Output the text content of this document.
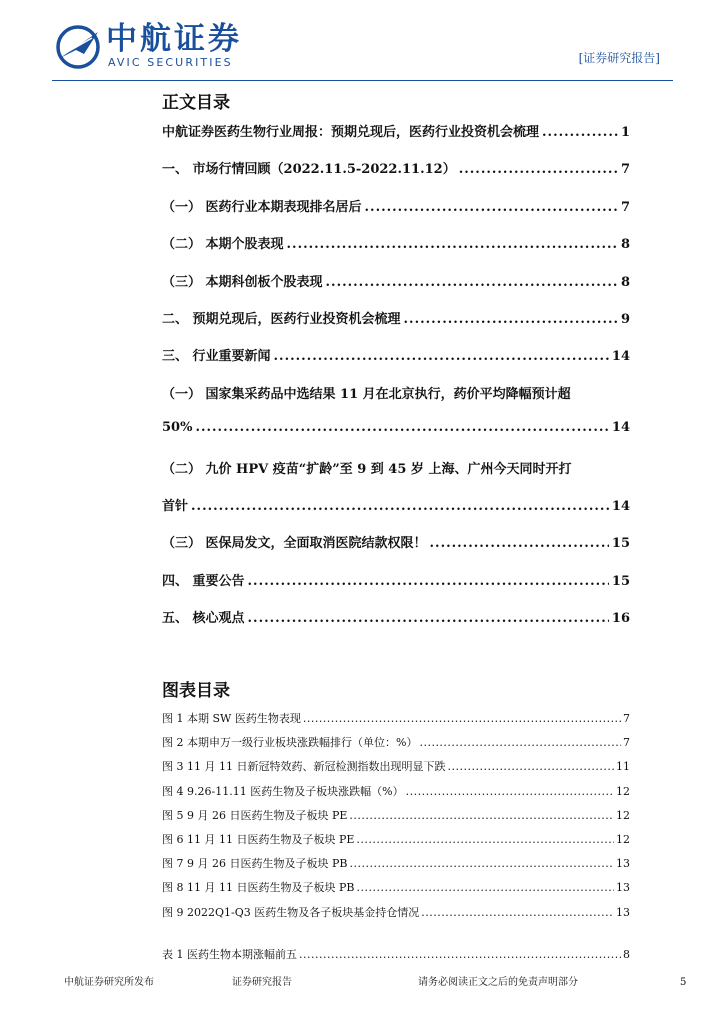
中航证券
AVIC SECURITIES	[证券研究报告]
正文目录
中航证券医药生物行业周报：预期兑现后，医药行业投资机会梳理 .....	1
一、 市场行情回顾（2022.11.5-2022.11.12） .....	7
（一） 医药行业本期表现排名居后 .....	7
（二） 本期个股表现 .....	8
（三） 本期科创板个股表现 .....	8
二、 预期兑现后，医药行业投资机会梳理 .....	9
三、 行业重要新闻 .....	14
（一） 国家集采药品中选结果 11 月在北京执行，药价平均降幅预计超
50% .....	14
（二） 九价 HPV 疫苗“扩龄”至 9 到 45 岁 上海、广州今天同时开打
首针 .....	14
（三） 医保局发文，全面取消医院结款权限！ .....	15
四、 重要公告 .....	15
五、 核心观点 .....	16
图表目录
图 1 本期 SW 医药生物表现 .....	7
图 2 本期申万一级行业板块涨跌幅排行（单位：%） .....	7
图 3 11 月 11 日新冠特效药、新冠检测指数出现明显下跌 .....	11
图 4 9.26-11.11 医药生物及子板块涨跌幅（%） .....	12
图 5 9 月 26 日医药生物及子板块 PE .....	12
图 6 11 月 11 日医药生物及子板块 PE .....	12
图 7 9 月 26 日医药生物及子板块 PB .....	13
图 8 11 月 11 日医药生物及子板块 PB .....	13
图 9 2022Q1-Q3 医药生物及各子板块基金持仓情况 .....	13
表 1 医药生物本期涨幅前五 .....	8
中航证券研究所发布	证券研究报告	请务必阅读正文之后的免责声明部分	5
